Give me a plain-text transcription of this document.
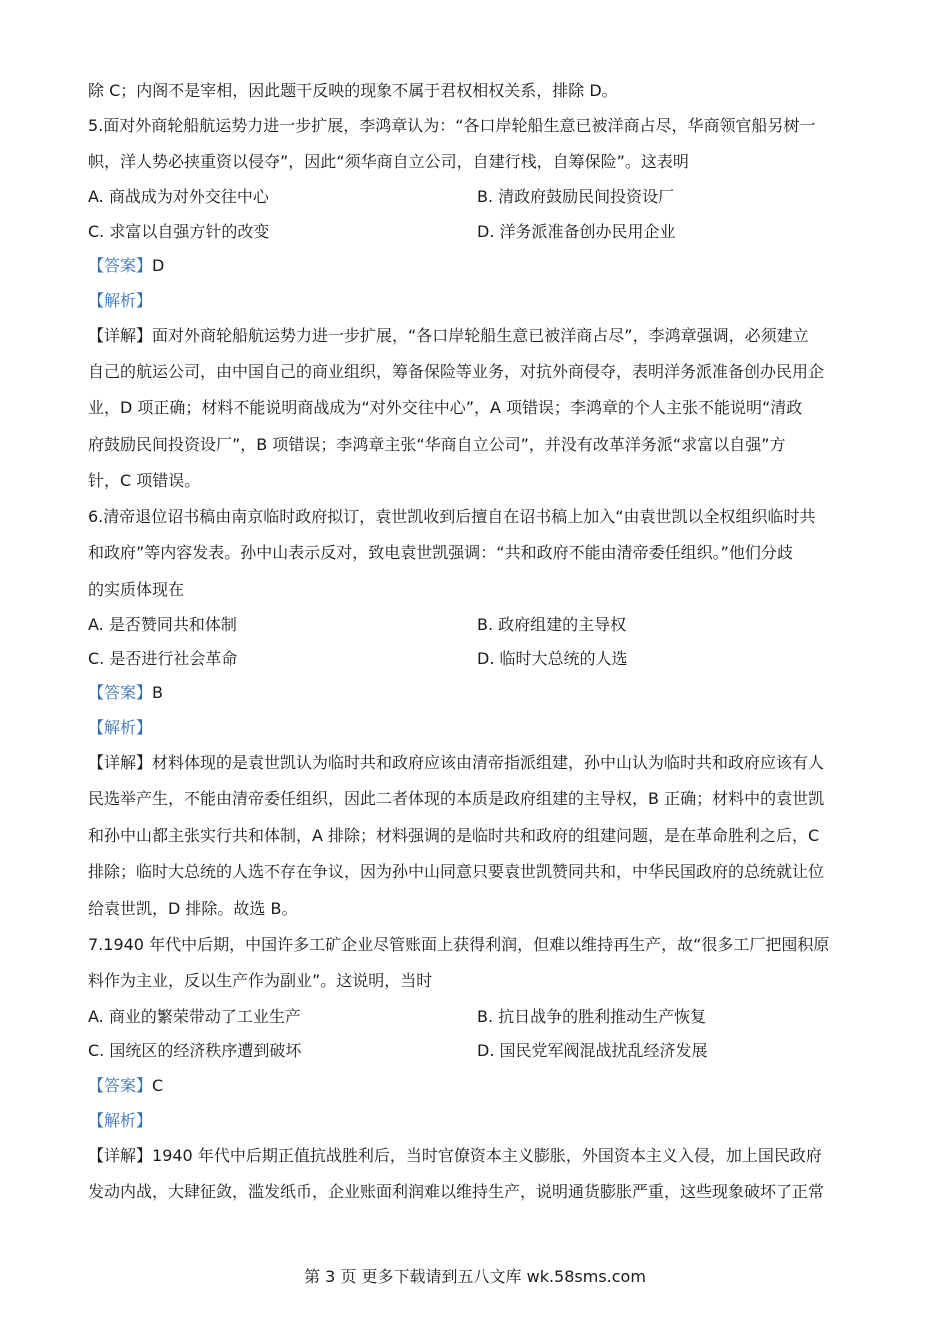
除 C；内阁不是宰相，因此题干反映的现象不属于君权相权关系，排除 D。
5.面对外商轮船航运势力进一步扩展，李鸿章认为：“各口岸轮船生意已被洋商占尽，华商领官船另树一
帜，洋人势必挟重资以侵夺”，因此“须华商自立公司，自建行栈，自筹保险”。这表明
A. 商战成为对外交往中心	B. 清政府鼓励民间投资设厂
C. 求富以自强方针的改变	D. 洋务派准备创办民用企业
【答案】D
【解析】
【详解】面对外商轮船航运势力进一步扩展，“各口岸轮船生意已被洋商占尽”，李鸿章强调，必须建立
自己的航运公司，由中国自己的商业组织，筹备保险等业务，对抗外商侵夺，表明洋务派准备创办民用企
业，D 项正确；材料不能说明商战成为“对外交往中心”，A 项错误；李鸿章的个人主张不能说明“清政
府鼓励民间投资设厂”，B 项错误；李鸿章主张“华商自立公司”，并没有改革洋务派“求富以自强”方
针，C 项错误。
6.清帝退位诏书稿由南京临时政府拟订，袁世凯收到后擅自在诏书稿上加入“由袁世凯以全权组织临时共
和政府”等内容发表。孙中山表示反对，致电袁世凯强调：“共和政府不能由清帝委任组织。”他们分歧
的实质体现在
A. 是否赞同共和体制	B. 政府组建的主导权
C. 是否进行社会革命	D. 临时大总统的人选
【答案】B
【解析】
【详解】材料体现的是袁世凯认为临时共和政府应该由清帝指派组建，孙中山认为临时共和政府应该有人
民选举产生，不能由清帝委任组织，因此二者体现的本质是政府组建的主导权，B 正确；材料中的袁世凯
和孙中山都主张实行共和体制，A 排除；材料强调的是临时共和政府的组建问题，是在革命胜利之后，C
排除；临时大总统的人选不存在争议，因为孙中山同意只要袁世凯赞同共和，中华民国政府的总统就让位
给袁世凯，D 排除。故选 B。
7.1940 年代中后期，中国许多工矿企业尽管账面上获得利润，但难以维持再生产，故“很多工厂把囤积原
料作为主业，反以生产作为副业”。这说明，当时
A. 商业的繁荣带动了工业生产	B. 抗日战争的胜利推动生产恢复
C. 国统区的经济秩序遭到破坏	D. 国民党军阀混战扰乱经济发展
【答案】C
【解析】
【详解】1940 年代中后期正值抗战胜利后，当时官僚资本主义膨胀，外国资本主义入侵，加上国民政府
发动内战，大肆征敛，滥发纸币，企业账面利润难以维持生产，说明通货膨胀严重，这些现象破坏了正常
第 3 页 更多下载请到五八文库 wk.58sms.com
